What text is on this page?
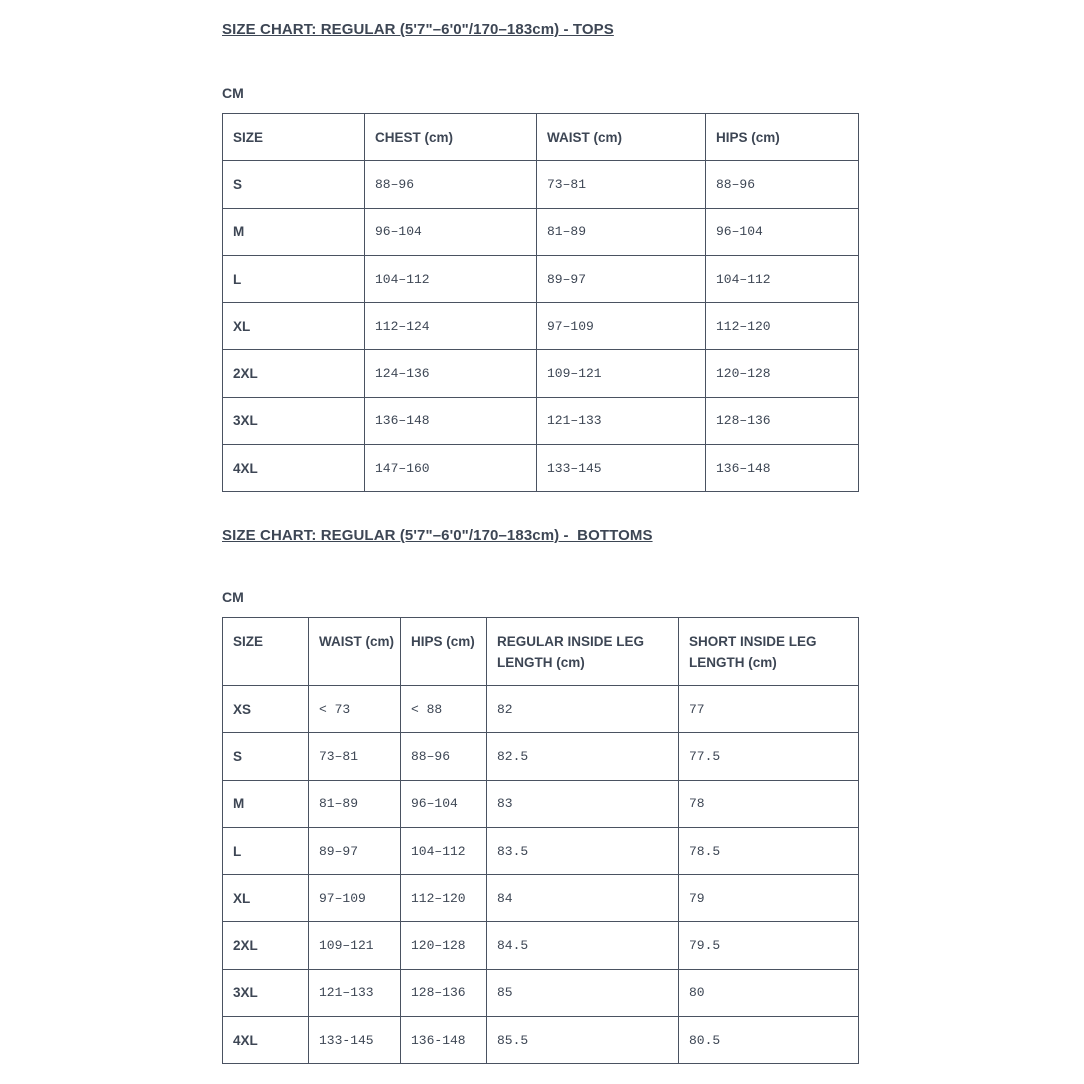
SIZE CHART: REGULAR (5'7"–6'0"/170–183cm) - TOPS
CM
SIZE	CHEST (cm)	WAIST (cm)	HIPS (cm)
S	88–96	73–81	88–96
M	96–104	81–89	96–104
L	104–112	89–97	104–112
XL	112–124	97–109	112–120
2XL	124–136	109–121	120–128
3XL	136–148	121–133	128–136
4XL	147–160	133–145	136–148
SIZE CHART: REGULAR (5'7"–6'0"/170–183cm) -  BOTTOMS
CM
SIZE	WAIST (cm)	HIPS (cm)	REGULAR INSIDE LEG LENGTH (cm)	SHORT INSIDE LEG LENGTH (cm)
XS	< 73	< 88	82	77
S	73–81	88–96	82.5	77.5
M	81–89	96–104	83	78
L	89–97	104–112	83.5	78.5
XL	97–109	112–120	84	79
2XL	109–121	120–128	84.5	79.5
3XL	121–133	128–136	85	80
4XL	133-145	136-148	85.5	80.5
